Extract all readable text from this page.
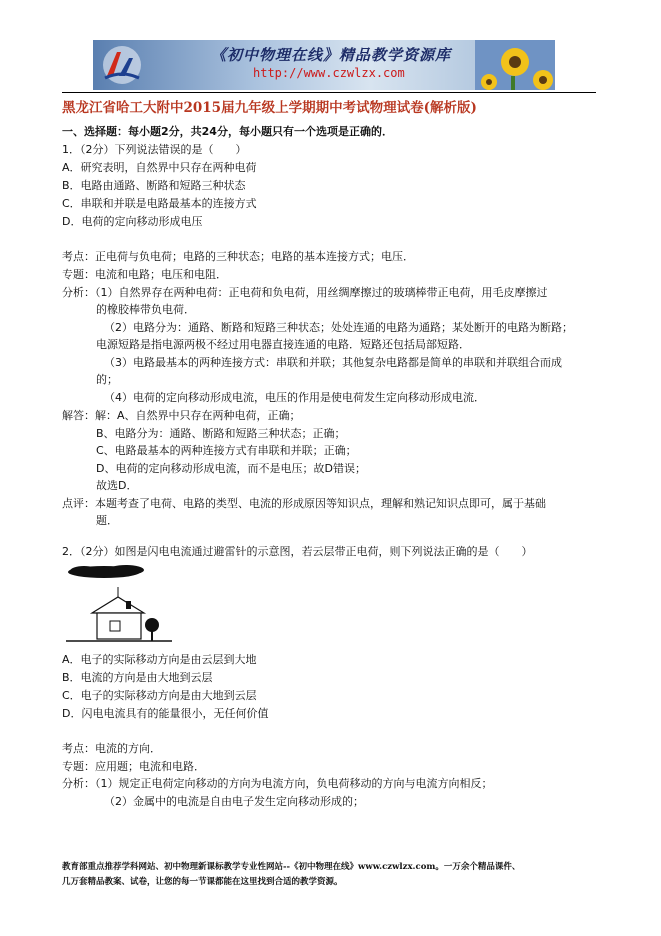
《初中物理在线》精品教学资源库
http://www.czwlzx.com
黑龙江省哈工大附中2015届九年级上学期期中考试物理试卷(解析版)
一、选择题：每小题2分，共24分，每小题只有一个选项是正确的．
1．（2分）下列说法错误的是（　　）
A．研究表明，自然界中只存在两种电荷
B．电路由通路、断路和短路三种状态
C．串联和并联是电路最基本的连接方式
D．电荷的定向移动形成电压
考点：正电荷与负电荷；电路的三种状态；电路的基本连接方式；电压．
专题：电流和电路；电压和电阻．
分析：（1）自然界存在两种电荷：正电荷和负电荷，用丝绸摩擦过的玻璃棒带正电荷，用毛皮摩擦过
的橡胶棒带负电荷．
（2）电路分为：通路、断路和短路三种状态；处处连通的电路为通路；某处断开的电路为断路；
电源短路是指电源两极不经过用电器直接连通的电路．短路还包括局部短路．
（3）电路最基本的两种连接方式：串联和并联；其他复杂电路都是简单的串联和并联组合而成
的；
（4）电荷的定向移动形成电流，电压的作用是使电荷发生定向移动形成电流．
解答：解：A、自然界中只存在两种电荷，正确；
B、电路分为：通路、断路和短路三种状态；正确；
C、电路最基本的两种连接方式有串联和并联；正确；
D、电荷的定向移动形成电流，而不是电压；故D错误；
故选D．
点评：本题考查了电荷、电路的类型、电流的形成原因等知识点，理解和熟记知识点即可，属于基础
题．
2．（2分）如图是闪电电流通过避雷针的示意图，若云层带正电荷，则下列说法正确的是（　　）
A．电子的实际移动方向是由云层到大地
B．电流的方向是由大地到云层
C．电子的实际移动方向是由大地到云层
D．闪电电流具有的能量很小，无任何价值
考点：电流的方向．
专题：应用题；电流和电路．
分析：（1）规定正电荷定向移动的方向为电流方向，负电荷移动的方向与电流方向相反；
（2）金属中的电流是自由电子发生定向移动形成的；
教育部重点推荐学科网站、初中物理新课标教学专业性网站--《初中物理在线》www.czwlzx.com。一万余个精品课件、
几万套精品教案、试卷，让您的每一节课都能在这里找到合适的教学资源。
